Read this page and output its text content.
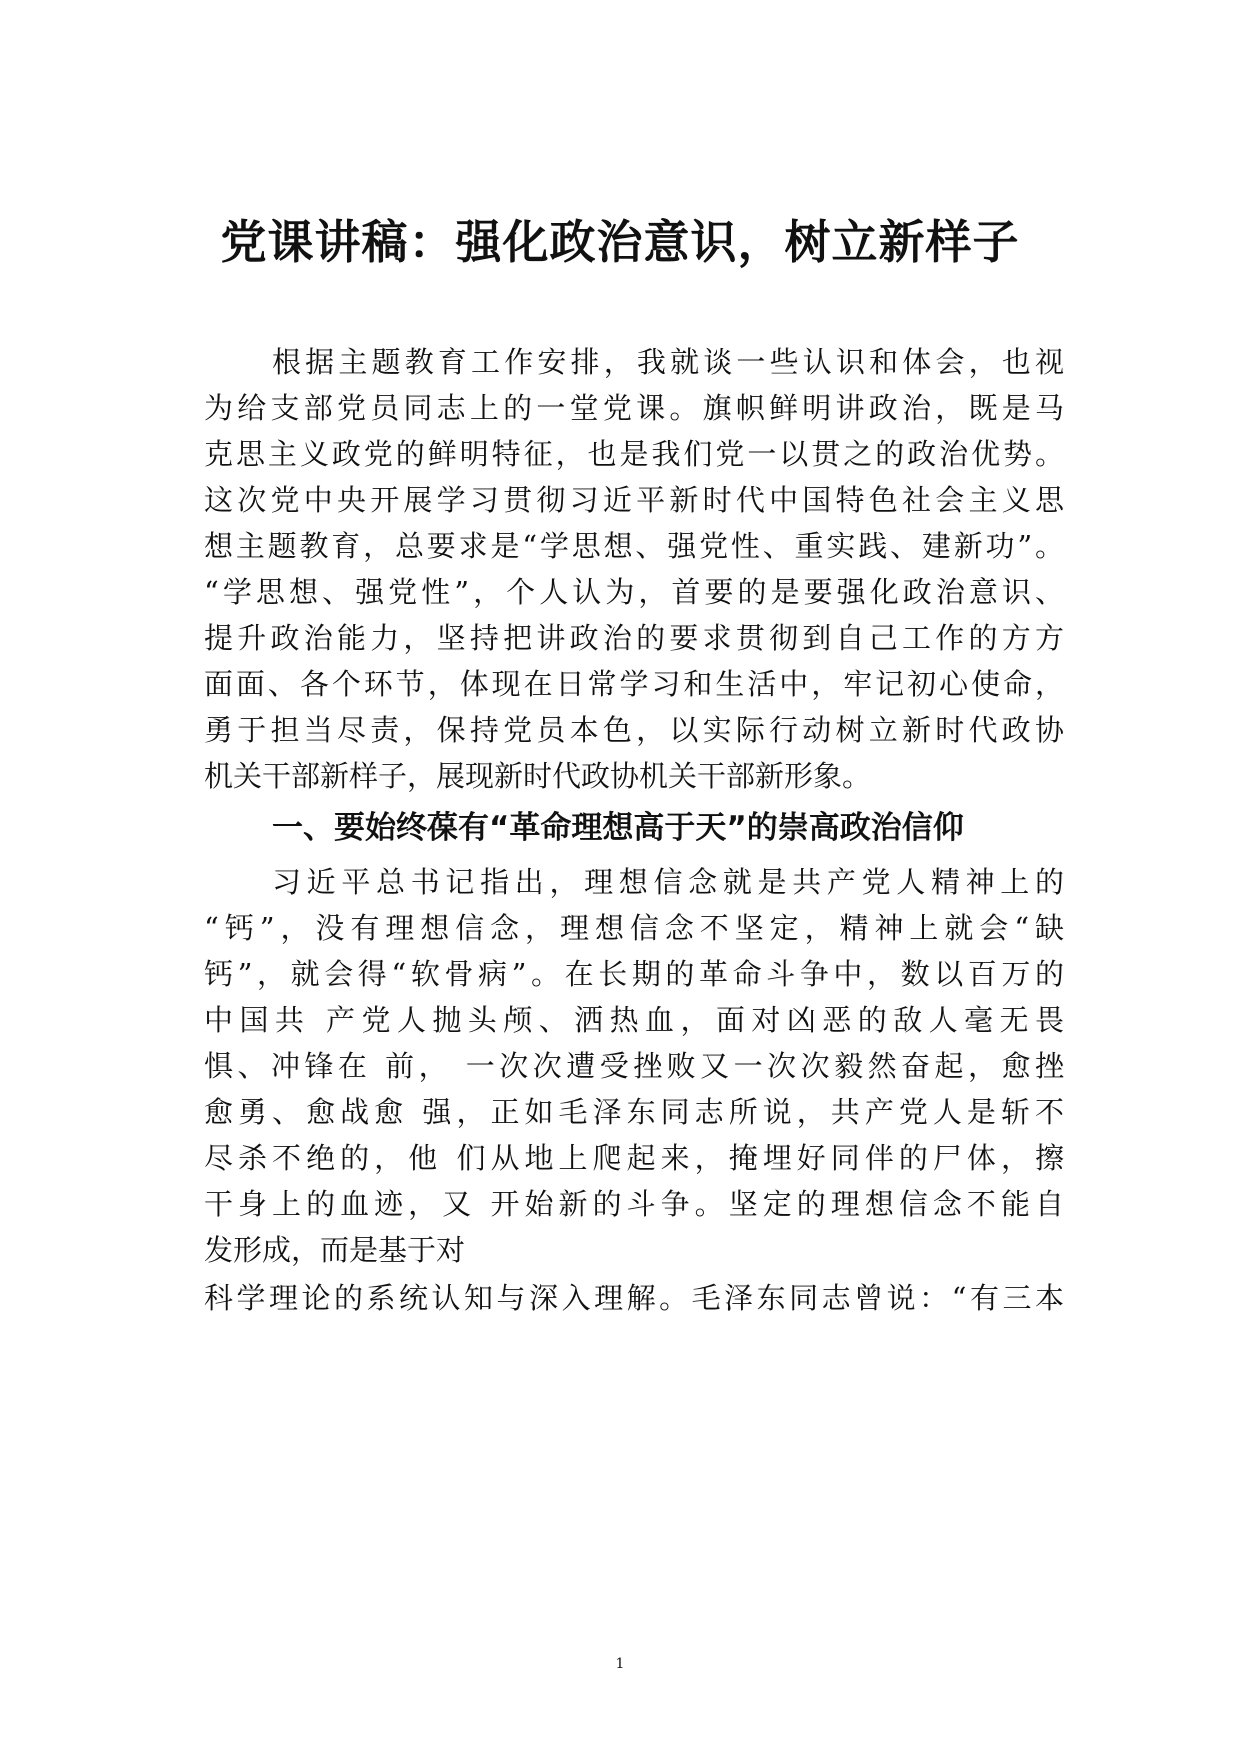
党课讲稿：强化政治意识，树立新样子

根据主题教育工作安排，我就谈一些认识和体会，也视

为给支部党员同志上的一堂党课。旗帜鲜明讲政治，既是马

克思主义政党的鲜明特征，也是我们党一以贯之的政治优势。

这次党中央开展学习贯彻习近平新时代中国特色社会主义思

想主题教育，总要求是“学思想、强党性、重实践、建新功”。

“学思想、强党性”，个人认为，首要的是要强化政治意识、

提升政治能力，坚持把讲政治的要求贯彻到自己工作的方方

面面、各个环节，体现在日常学习和生活中，牢记初心使命，

勇于担当尽责，保持党员本色，以实际行动树立新时代政协

机关干部新样子，展现新时代政协机关干部新形象。

一、要始终葆有“革命理想高于天”的崇高政治信仰

习近平总书记指出，理想信念就是共产党人精神上的

“钙”，没有理想信念，理想信念不坚定，精神上就会“缺

钙”，就会得“软骨病”。在长期的革命斗争中，数以百万的

中国共 产党人抛头颅、洒热血，面对凶恶的敌人毫无畏

惧、冲锋在 前， 一次次遭受挫败又一次次毅然奋起，愈挫

愈勇、愈战愈 强，正如毛泽东同志所说，共产党人是斩不

尽杀不绝的，他 们从地上爬起来，掩埋好同伴的尸体，擦

干身上的血迹，又 开始新的斗争。坚定的理想信念不能自

发形成，而是基于对

科学理论的系统认知与深入理解。毛泽东同志曾说：“有三本

1
